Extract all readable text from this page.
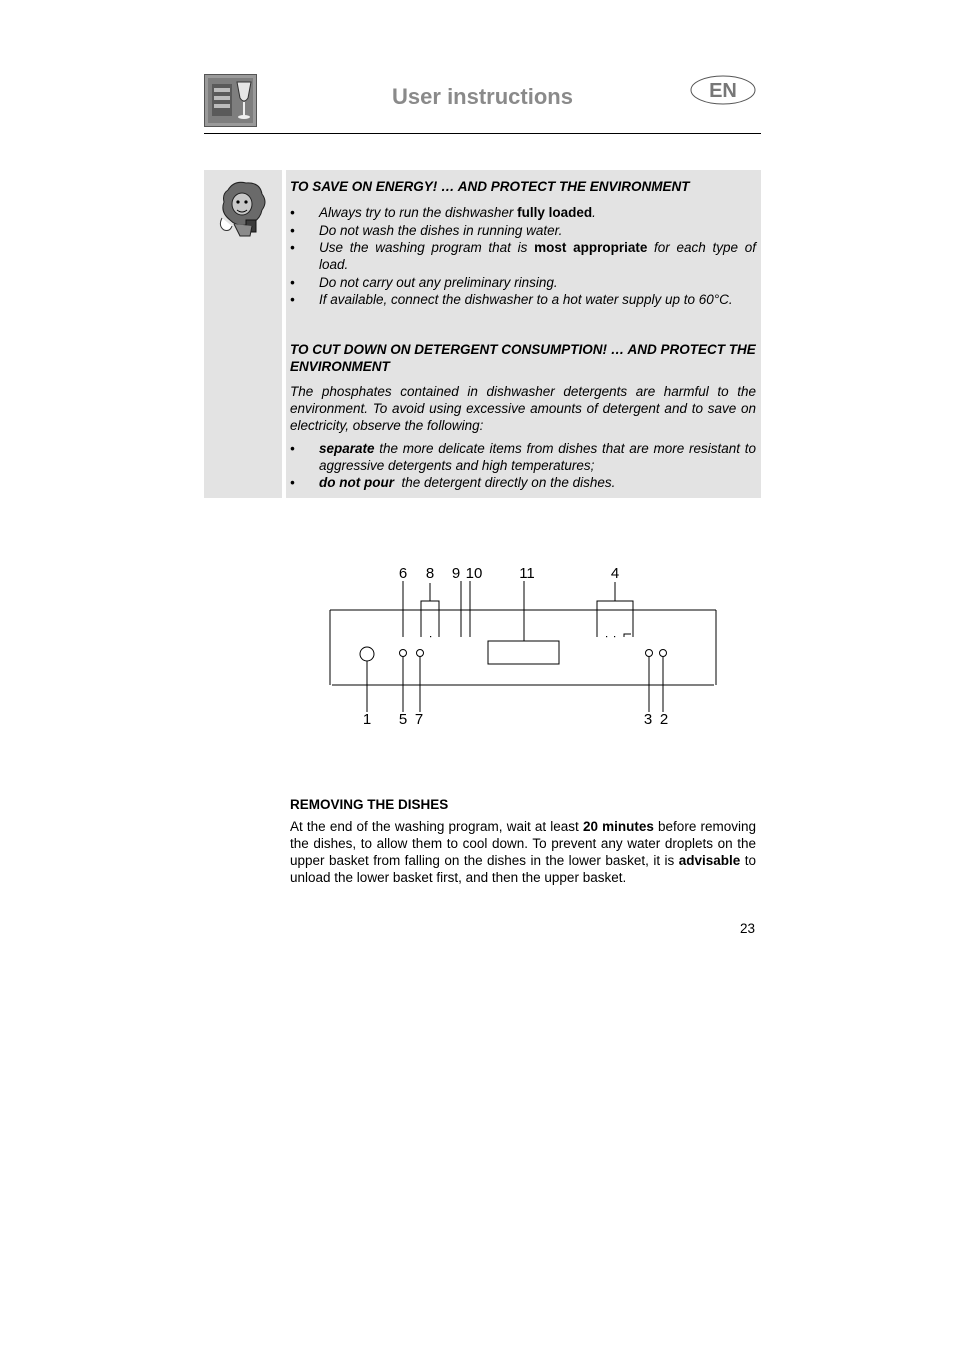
User instructions	EN
TO SAVE ON ENERGY! … AND PROTECT THE ENVIRONMENT
• Always try to run the dishwasher fully loaded.
• Do not wash the dishes in running water.
• Use the washing program that is most appropriate for each type of load.
• Do not carry out any preliminary rinsing.
• If available, connect the dishwasher to a hot water supply up to 60°C.
TO CUT DOWN ON DETERGENT CONSUMPTION! … AND PROTECT THE ENVIRONMENT
The phosphates contained in dishwasher detergents are harmful to the environment. To avoid using excessive amounts of detergent and to save on electricity, observe the following:
• separate the more delicate items from dishes that are more resistant to aggressive detergents and high temperatures;
• do not pour  the detergent directly on the dishes.
6 8 9 10 11	4
1 5 7	3 2
REMOVING THE DISHES
At the end of the washing program, wait at least 20 minutes before removing the dishes, to allow them to cool down. To prevent any water droplets on the upper basket from falling on the dishes in the lower basket, it is advisable to unload the lower basket first, and then the upper basket.
23
